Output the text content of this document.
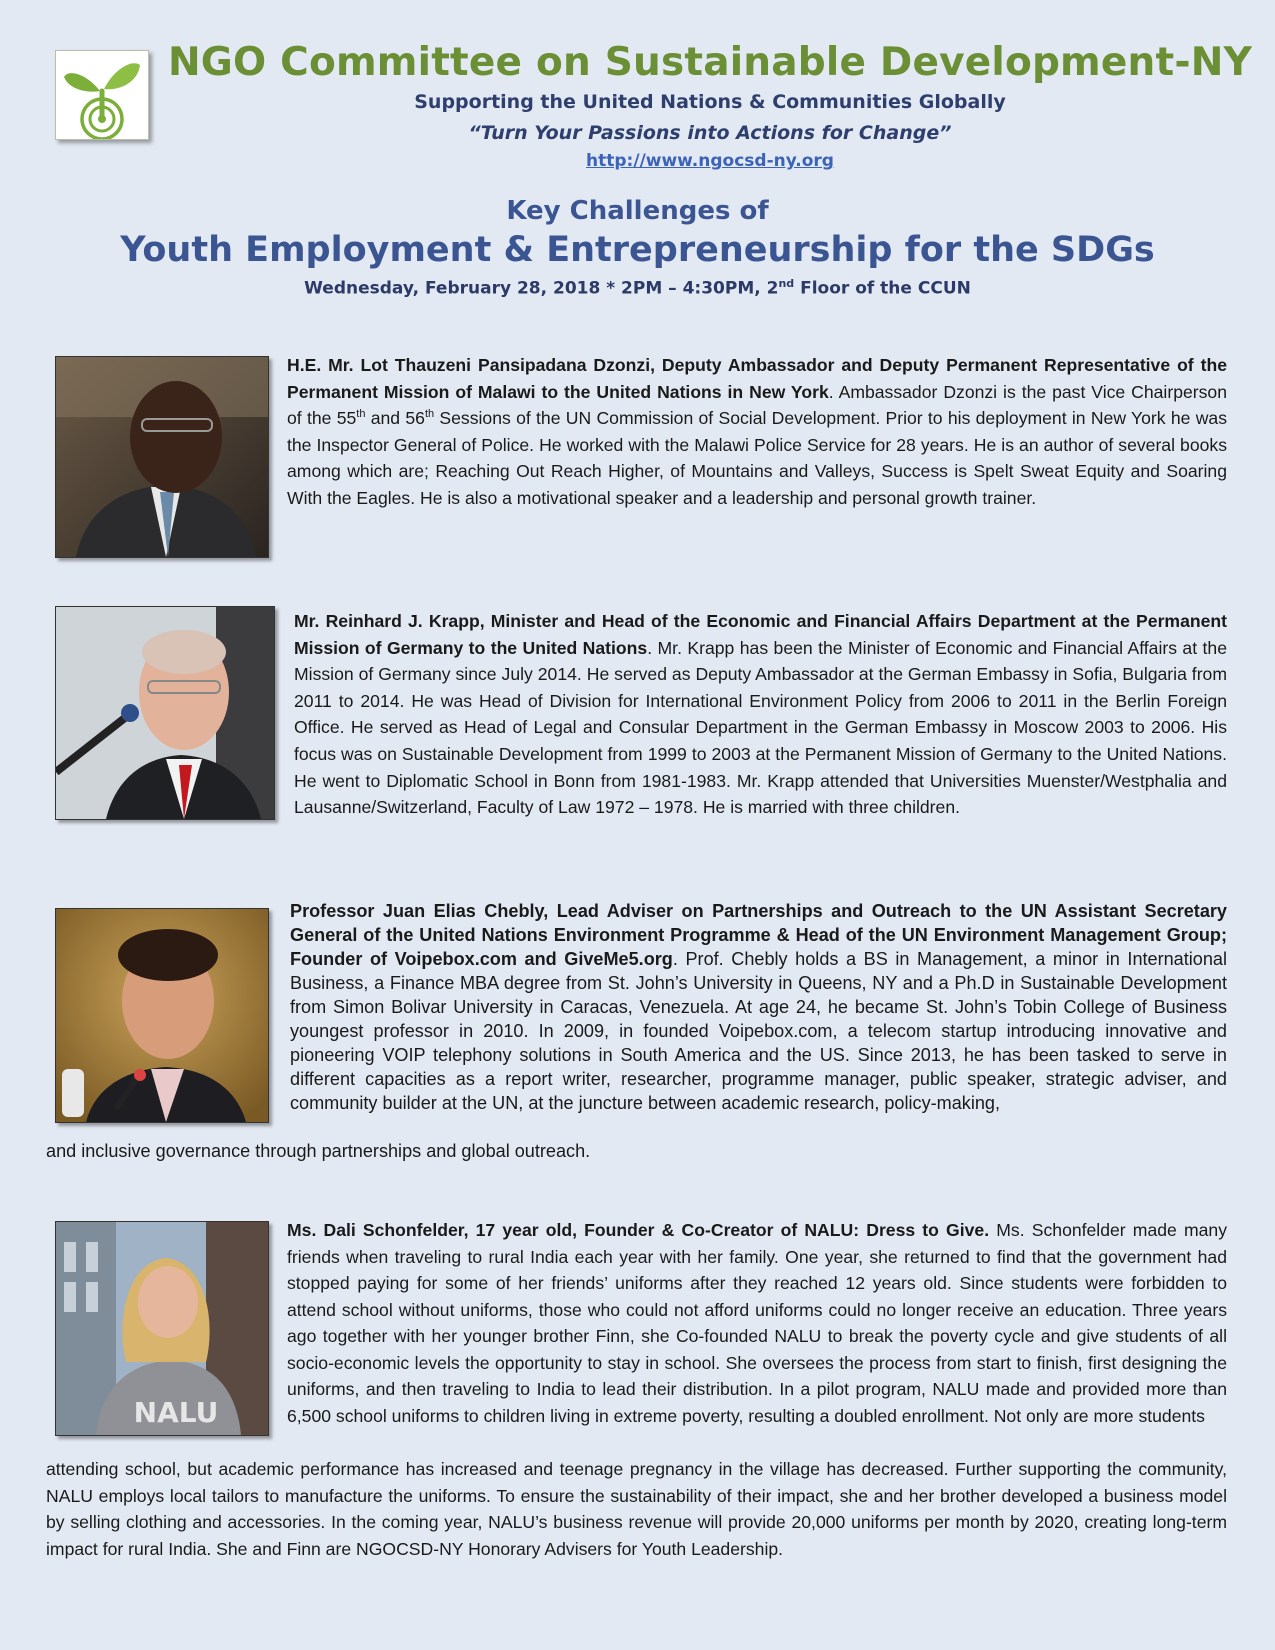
NGO Committee on Sustainable Development-NY
Supporting the United Nations & Communities Globally
“Turn Your Passions into Actions for Change”
http://www.ngocsd-ny.org
Key Challenges of
Youth Employment & Entrepreneurship for the SDGs
Wednesday, February 28, 2018 * 2PM – 4:30PM, 2nd Floor of the CCUN
H.E. Mr. Lot Thauzeni Pansipadana Dzonzi, Deputy Ambassador and Deputy Permanent Representative of the Permanent Mission of Malawi to the United Nations in New York. Ambassador Dzonzi is the past Vice Chairperson of the 55th and 56th Sessions of the UN Commission of Social Development. Prior to his deployment in New York he was the Inspector General of Police. He worked with the Malawi Police Service for 28 years. He is an author of several books among which are; Reaching Out Reach Higher, of Mountains and Valleys, Success is Spelt Sweat Equity and Soaring With the Eagles. He is also a motivational speaker and a leadership and personal growth trainer.
Mr. Reinhard J. Krapp, Minister and Head of the Economic and Financial Affairs Department at the Permanent Mission of Germany to the United Nations. Mr. Krapp has been the Minister of Economic and Financial Affairs at the Mission of Germany since July 2014. He served as Deputy Ambassador at the German Embassy in Sofia, Bulgaria from 2011 to 2014. He was Head of Division for International Environment Policy from 2006 to 2011 in the Berlin Foreign Office. He served as Head of Legal and Consular Department in the German Embassy in Moscow 2003 to 2006. His focus was on Sustainable Development from 1999 to 2003 at the Permanent Mission of Germany to the United Nations. He went to Diplomatic School in Bonn from 1981-1983. Mr. Krapp attended that Universities Muenster/Westphalia and Lausanne/Switzerland, Faculty of Law 1972 – 1978. He is married with three children.
Professor Juan Elias Chebly, Lead Adviser on Partnerships and Outreach to the UN Assistant Secretary General of the United Nations Environment Programme & Head of the UN Environment Management Group; Founder of Voipebox.com and GiveMe5.org. Prof. Chebly holds a BS in Management, a minor in International Business, a Finance MBA degree from St. John’s University in Queens, NY and a Ph.D in Sustainable Development from Simon Bolivar University in Caracas, Venezuela. At age 24, he became St. John’s Tobin College of Business youngest professor in 2010. In 2009, in founded Voipebox.com, a telecom startup introducing innovative and pioneering VOIP telephony solutions in South America and the US. Since 2013, he has been tasked to serve in different capacities as a report writer, researcher, programme manager, public speaker, strategic adviser, and community builder at the UN, at the juncture between academic research, policy-making,
and inclusive governance through partnerships and global outreach.
NALU
Ms. Dali Schonfelder, 17 year old, Founder & Co-Creator of NALU: Dress to Give. Ms. Schonfelder made many friends when traveling to rural India each year with her family. One year, she returned to find that the government had stopped paying for some of her friends’ uniforms after they reached 12 years old. Since students were forbidden to attend school without uniforms, those who could not afford uniforms could no longer receive an education. Three years ago together with her younger brother Finn, she Co-founded NALU to break the poverty cycle and give students of all socio-economic levels the opportunity to stay in school. She oversees the process from start to finish, first designing the uniforms, and then traveling to India to lead their distribution. In a pilot program, NALU made and provided more than 6,500 school uniforms to children living in extreme poverty, resulting a doubled enrollment. Not only are more students
attending school, but academic performance has increased and teenage pregnancy in the village has decreased. Further supporting the community, NALU employs local tailors to manufacture the uniforms. To ensure the sustainability of their impact, she and her brother developed a business model by selling clothing and accessories. In the coming year, NALU’s business revenue will provide 20,000 uniforms per month by 2020, creating long-term impact for rural India. She and Finn are NGOCSD-NY Honorary Advisers for Youth Leadership.
